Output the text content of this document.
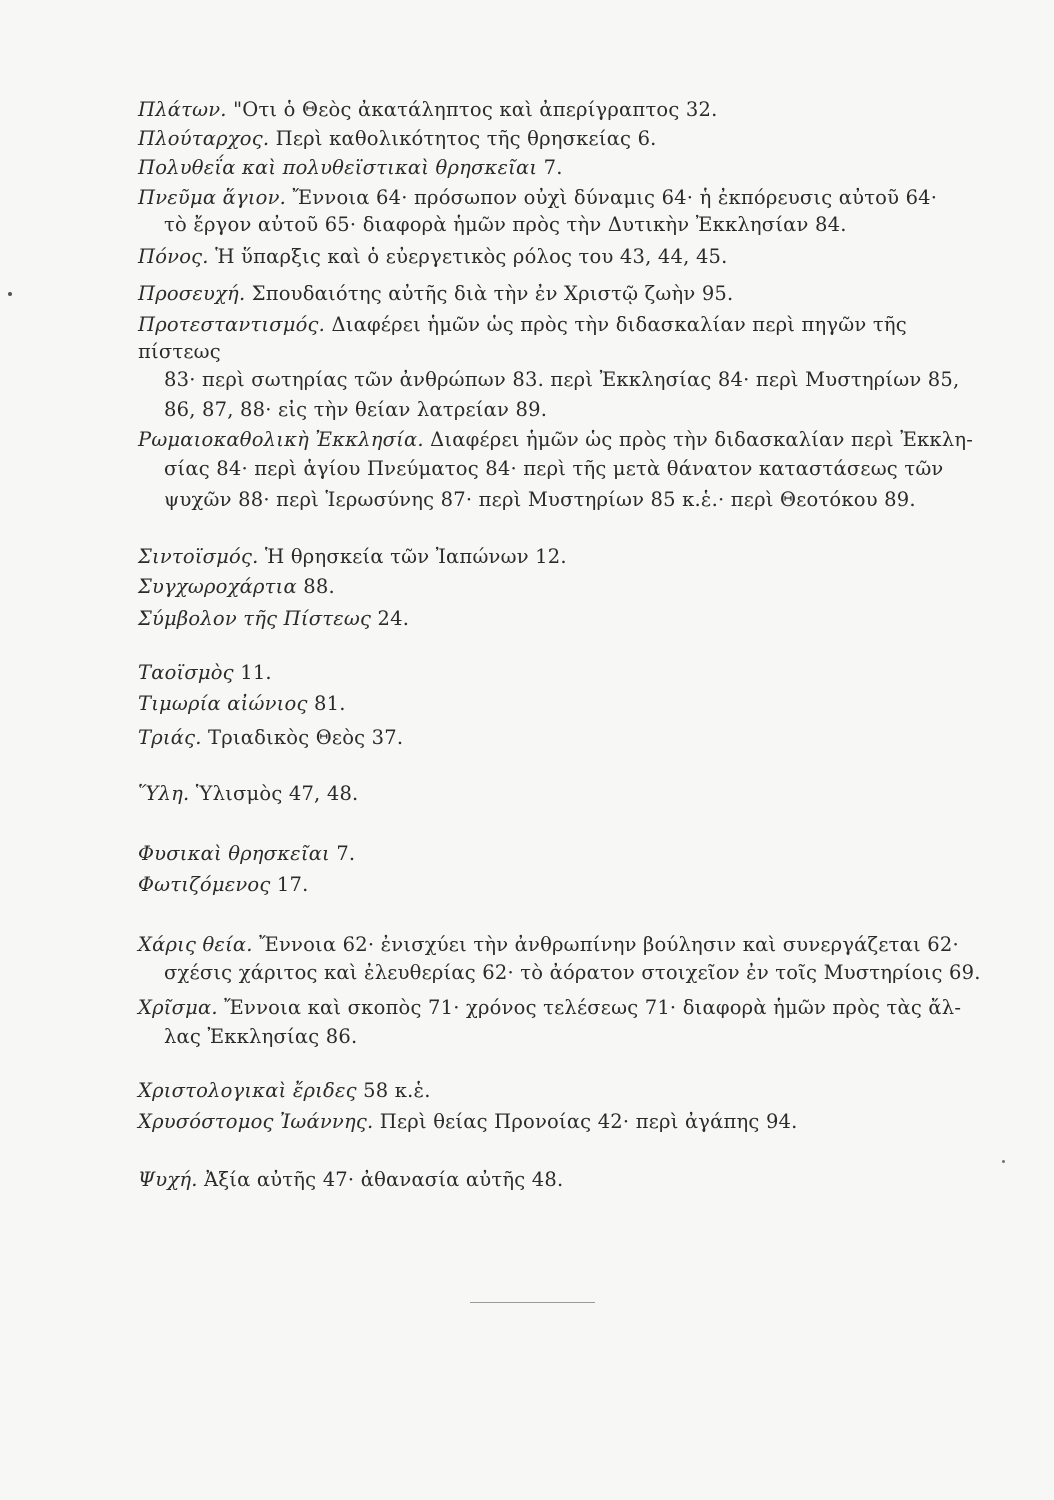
Πλάτων. "Οτι ὁ Θεὸς ἀκατάληπτος καὶ ἀπερίγραπτος 32.
Πλούταρχος. Περὶ καθολικότητος τῆς θρησκείας 6.
Πολυθεΐα καὶ πολυθεϊστικαὶ θρησκεῖαι 7.
Πνεῦμα ἅγιον. Ἔννοια 64· πρόσωπον οὐχὶ δύναμις 64· ἡ ἐκπόρευσις αὐτοῦ 64·
τὸ ἔργον αὐτοῦ 65· διαφορὰ ἡμῶν πρὸς τὴν Δυτικὴν Ἐκκλησίαν 84.
Πόνος. Ἡ ὕπαρξις καὶ ὁ εὐεργετικὸς ρόλος του 43, 44, 45.
Προσευχή. Σπουδαιότης αὐτῆς διὰ τὴν ἐν Χριστῷ ζωὴν 95.
Προτεσταντισμός. Διαφέρει ἡμῶν ὡς πρὸς τὴν διδασκαλίαν περὶ πηγῶν τῆς πίστεως
83· περὶ σωτηρίας τῶν ἀνθρώπων 83. περὶ Ἐκκλησίας 84· περὶ Μυστηρίων 85,
86, 87, 88· εἰς τὴν θείαν λατρείαν 89.
Ρωμαιοκαθολικὴ Ἐκκλησία. Διαφέρει ἡμῶν ὡς πρὸς τὴν διδασκαλίαν περὶ Ἐκκλη-
σίας 84· περὶ ἁγίου Πνεύματος 84· περὶ τῆς μετὰ θάνατον καταστάσεως τῶν
ψυχῶν 88· περὶ Ἱερωσύνης 87· περὶ Μυστηρίων 85 κ.ἑ.· περὶ Θεοτόκου 89.
Σιντοϊσμός. Ἡ θρησκεία τῶν Ἰαπώνων 12.
Συγχωροχάρτια 88.
Σύμβολον τῆς Πίστεως 24.
Ταοϊσμὸς 11.
Τιμωρία αἰώνιος 81.
Τριάς. Τριαδικὸς Θεὸς 37.
Ὕλη. Ὑλισμὸς 47, 48.
Φυσικαὶ θρησκεῖαι 7.
Φωτιζόμενος 17.
Χάρις θεία. Ἔννοια 62· ἐνισχύει τὴν ἀνθρωπίνην βούλησιν καὶ συνεργάζεται 62·
σχέσις χάριτος καὶ ἐλευθερίας 62· τὸ ἀόρατον στοιχεῖον ἐν τοῖς Μυστηρίοις 69.
Χρῖσμα. Ἔννοια καὶ σκοπὸς 71· χρόνος τελέσεως 71· διαφορὰ ἡμῶν πρὸς τὰς ἄλ-
λας Ἐκκλησίας 86.
Χριστολογικαὶ ἔριδες 58 κ.ἑ.
Χρυσόστομος Ἰωάννης. Περὶ θείας Προνοίας 42· περὶ ἀγάπης 94.
Ψυχή. Ἀξία αὐτῆς 47· ἀθανασία αὐτῆς 48.
